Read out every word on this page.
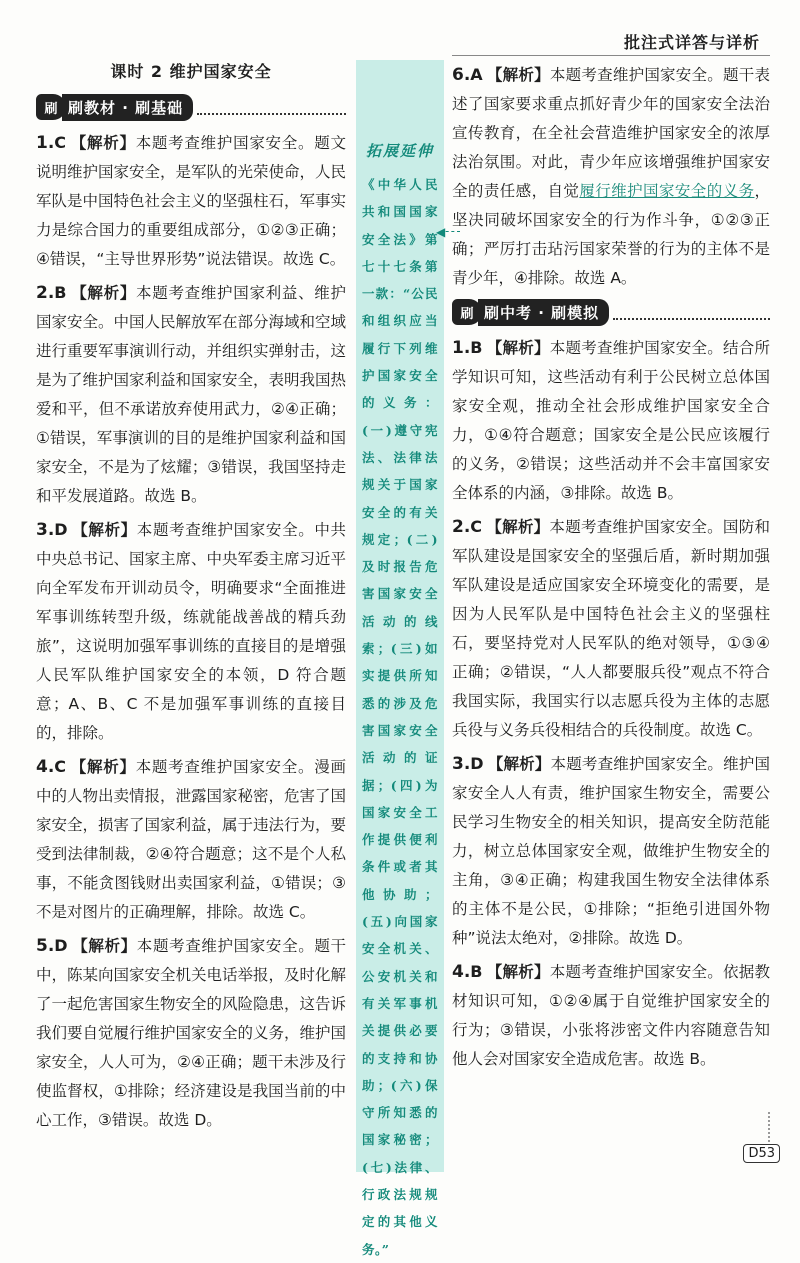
批注式详答与详析
课时 2 维护国家安全
刷 刷教材 · 刷基础
1.C 【解析】本题考查维护国家安全。题文说明维护国家安全，是军队的光荣使命，人民军队是中国特色社会主义的坚强柱石，军事实力是综合国力的重要组成部分，①②③正确；④错误，“主导世界形势”说法错误。故选 C。
2.B 【解析】本题考查维护国家利益、维护国家安全。中国人民解放军在部分海域和空域进行重要军事演训行动，并组织实弹射击，这是为了维护国家利益和国家安全，表明我国热爱和平，但不承诺放弃使用武力，②④正确；①错误，军事演训的目的是维护国家利益和国家安全，不是为了炫耀；③错误，我国坚持走和平发展道路。故选 B。
3.D 【解析】本题考查维护国家安全。中共中央总书记、国家主席、中央军委主席习近平向全军发布开训动员令，明确要求“全面推进军事训练转型升级，练就能战善战的精兵劲旅”，这说明加强军事训练的直接目的是增强人民军队维护国家安全的本领，D 符合题意；A、B、C 不是加强军事训练的直接目的，排除。
4.C 【解析】本题考查维护国家安全。漫画中的人物出卖情报，泄露国家秘密，危害了国家安全，损害了国家利益，属于违法行为，要受到法律制裁，②④符合题意；这不是个人私事，不能贪图钱财出卖国家利益，①错误；③不是对图片的正确理解，排除。故选 C。
5.D 【解析】本题考查维护国家安全。题干中，陈某向国家安全机关电话举报，及时化解了一起危害国家生物安全的风险隐患，这告诉我们要自觉履行维护国家安全的义务，维护国家安全，人人可为，②④正确；题干未涉及行使监督权，①排除；经济建设是我国当前的中心工作，③错误。故选 D。
拓展延伸
《中华人民共和国国家安全法》第七十七条第一款：“公民和组织应当履行下列维护国家安全的义务：(一)遵守宪法、法律法规关于国家安全的有关规定；(二)及时报告危害国家安全活动的线索；(三)如实提供所知悉的涉及危害国家安全活动的证据；(四)为国家安全工作提供便利条件或者其他协助；(五)向国家安全机关、公安机关和有关军事机关提供必要的支持和协助；(六)保守所知悉的国家秘密；(七)法律、行政法规规定的其他义务。”
◀
6.A 【解析】本题考查维护国家安全。题干表述了国家要求重点抓好青少年的国家安全法治宣传教育，在全社会营造维护国家安全的浓厚法治氛围。对此，青少年应该增强维护国家安全的责任感，自觉履行维护国家安全的义务，坚决同破坏国家安全的行为作斗争，①②③正确；严厉打击玷污国家荣誉的行为的主体不是青少年，④排除。故选 A。
刷 刷中考 · 刷模拟
1.B 【解析】本题考查维护国家安全。结合所学知识可知，这些活动有利于公民树立总体国家安全观，推动全社会形成维护国家安全合力，①④符合题意；国家安全是公民应该履行的义务，②错误；这些活动并不会丰富国家安全体系的内涵，③排除。故选 B。
2.C 【解析】本题考查维护国家安全。国防和军队建设是国家安全的坚强后盾，新时期加强军队建设是适应国家安全环境变化的需要，是因为人民军队是中国特色社会主义的坚强柱石，要坚持党对人民军队的绝对领导，①③④正确；②错误，“人人都要服兵役”观点不符合我国实际，我国实行以志愿兵役为主体的志愿兵役与义务兵役相结合的兵役制度。故选 C。
3.D 【解析】本题考查维护国家安全。维护国家安全人人有责，维护国家生物安全，需要公民学习生物安全的相关知识，提高安全防范能力，树立总体国家安全观，做维护生物安全的主角，③④正确；构建我国生物安全法律体系的主体不是公民，①排除；“拒绝引进国外物种”说法太绝对，②排除。故选 D。
4.B 【解析】本题考查维护国家安全。依据教材知识可知，①②④属于自觉维护国家安全的行为；③错误，小张将涉密文件内容随意告知他人会对国家安全造成危害。故选 B。
D53
